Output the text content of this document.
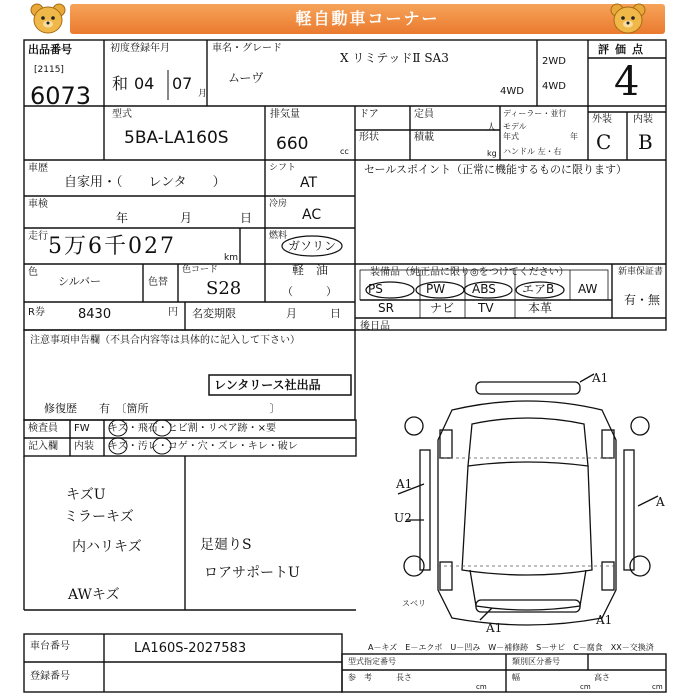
軽自動車コーナー
出品番号
[2115]
6073
初度登録年月
和 04 07
月
車名・グレード
X リミテッドⅡ SA3
ムーヴ
2WD
4WD
4WD
評価点
4
外装 内装
C B
型式
5BA-LA160S
排気量
660	cc
ドア
形状
定員
人
積載
kg
ディーラー・並行
モデル
年式	年
ハンドル 左・右
車歴
自家用・（　　レンタ　　）
シフト
AT
車検
年	月	日
冷房
AC
走行 5万6千027	km
燃料
ガソリン
軽　油
（　　　）
色
シルバー	色替
色コード
S28
R券	8430	円 名変期限	月	日
セールスポイント（正常に機能するものに限ります）
装備品（純正品に限り◎をつけてください）	新車保証書
有・無
PS	PW ABS エアB AW
SR	ナビ TV	本革
後日品
注意事項申告欄（不具合内容等は具体的に記入して下さい）
レンタリース社出品
修復歴　　有　〔箇所　　　　　　　　　　　〕
検査員
記入欄
FW キズ・飛石・ヒビ割・リペア跡・×要
内装 キズ・汚レ・コゲ・穴・ズレ・キレ・破レ
キズU
ミラーキズ
内ハリキズ	足廻りS
ロアサポートU
AWキズ
A1
A1
U2
A
A1
スベリ
A1
A－キズ　E－エクボ　U－凹み　W－補修跡　S－サビ　C－腐食　XX－交換済
車台番号	LA160S-2027583
登録番号
型式指定番号	類別区分番号
参　考	長さ
cm
幅
cm
高さ
cm
